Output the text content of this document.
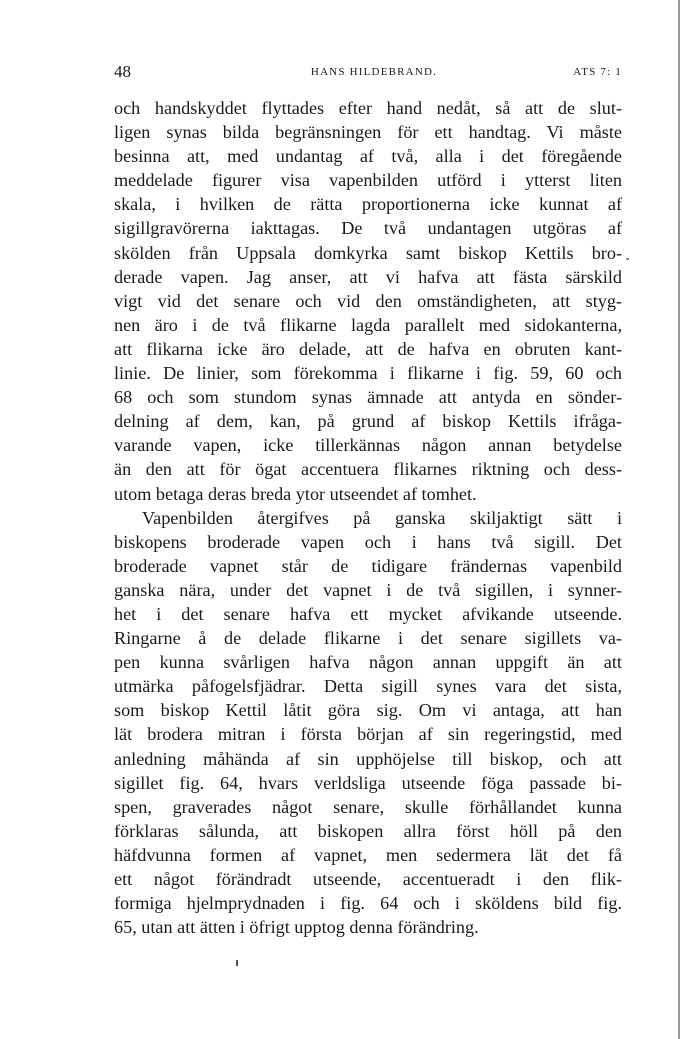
48	HANS HILDEBRAND.	ATS 7: 1
och handskyddet flyttades efter hand nedåt, så att de slut-
ligen synas bilda begränsningen för ett handtag. Vi måste
besinna att, med undantag af två, alla i det föregående
meddelade figurer visa vapenbilden utförd i ytterst liten
skala, i hvilken de rätta proportionerna icke kunnat af
sigillgravörerna iakttagas. De två undantagen utgöras af
skölden från Uppsala domkyrka samt biskop Kettils bro-
derade vapen. Jag anser, att vi hafva att fästa särskild
vigt vid det senare och vid den omständigheten, att styg-
nen äro i de två flikarne lagda parallelt med sidokanterna,
att flikarna icke äro delade, att de hafva en obruten kant-
linie. De linier, som förekomma i flikarne i fig. 59, 60 och
68 och som stundom synas ämnade att antyda en sönder-
delning af dem, kan, på grund af biskop Kettils ifråga-
varande vapen, icke tillerkännas någon annan betydelse
än den att för ögat accentuera flikarnes riktning och dess-
utom betaga deras breda ytor utseendet af tomhet.
Vapenbilden återgifves på ganska skiljaktigt sätt i
biskopens broderade vapen och i hans två sigill. Det
broderade vapnet står de tidigare frändernas vapenbild
ganska nära, under det vapnet i de två sigillen, i synner-
het i det senare hafva ett mycket afvikande utseende.
Ringarne å de delade flikarne i det senare sigillets va-
pen kunna svårligen hafva någon annan uppgift än att
utmärka påfogelsfjädrar. Detta sigill synes vara det sista,
som biskop Kettil låtit göra sig. Om vi antaga, att han
lät brodera mitran i första början af sin regeringstid, med
anledning måhända af sin upphöjelse till biskop, och att
sigillet fig. 64, hvars verldsliga utseende föga passade bi-
spen, graverades något senare, skulle förhållandet kunna
förklaras sålunda, att biskopen allra först höll på den
häfdvunna formen af vapnet, men sedermera lät det få
ett något förändradt utseende, accentueradt i den flik-
formiga hjelmprydnaden i fig. 64 och i sköldens bild fig.
65, utan att ätten i öfrigt upptog denna förändring.
